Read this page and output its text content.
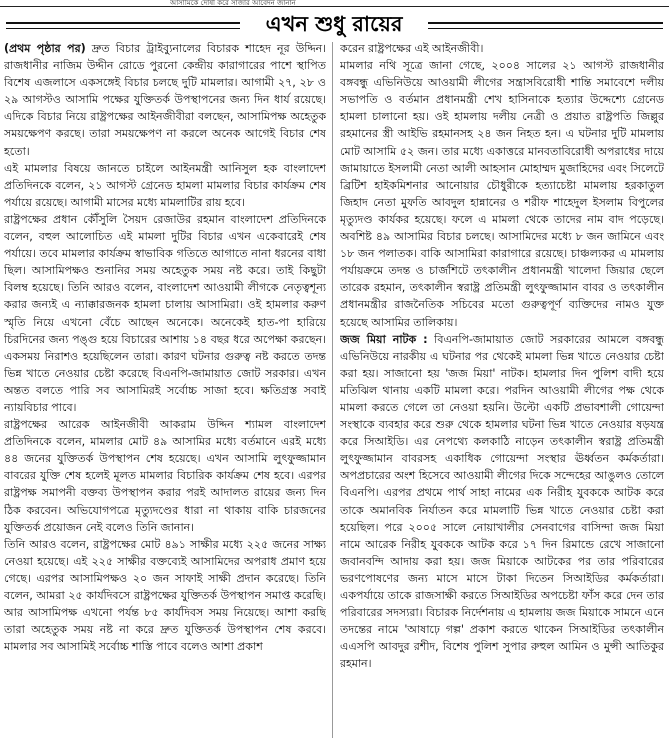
আসামিকে দোষী করে সাজার আবেদন জানান
এখন শুধু রায়ের

(প্রথম পৃষ্ঠার পর) দ্রুত বিচার ট্রাইব্যুনালের বিচারক শাহেদ নূর উদ্দিন। রাজধানীর নাজিম উদ্দীন রোডে পুরনো কেন্দ্রীয় কারাগারের পাশে স্থাপিত বিশেষ এজলাসে একসঙ্গেই বিচার চলছে দুটি মামলার। আগামী ২৭, ২৮ ও ২৯ আগস্টও আসামি পক্ষের যুক্তিতর্ক উপস্থাপনের জন্য দিন ধার্য রয়েছে। এদিকে বিচার নিয়ে রাষ্ট্রপক্ষের আইনজীবীরা বলছেন, আসামিপক্ষ অহেতুক সময়ক্ষেপণ করছে। তারা সময়ক্ষেপণ না করলে অনেক আগেই বিচার শেষ হতো।

এই মামলার বিষয়ে জানতে চাইলে আইনমন্ত্রী আনিসুল হক বাংলাদেশ প্রতিদিনকে বলেন, ২১ আগস্ট গ্রেনেড হামলা মামলার বিচার কার্যক্রম শেষ পর্যায়ে রয়েছে। আগামী মাসের মধ্যে মামলাটির রায় হবে।

রাষ্ট্রপক্ষের প্রধান কৌঁসুলি সৈয়দ রেজাউর রহমান বাংলাদেশ প্রতিদিনকে বলেন, বহুল আলোচিত এই মামলা দুটির বিচার এখন একেবারেই শেষ পর্যায়ে। তবে মামলার কার্যক্রম স্বাভাবিক গতিতে আগাতে নানা ধরনের বাধা ছিল। আসামিপক্ষও শুনানির সময় অহেতুক সময় নষ্ট করে। তাই কিছুটা বিলম্ব হয়েছে। তিনি আরও বলেন, বাংলাদেশ আওয়ামী লীগকে নেতৃত্বশূন্য করার জন্যই এ ন্যাক্কারজনক হামলা চালায় আসামিরা। ওই হামলার করুণ স্মৃতি নিয়ে এখনো বেঁচে আছেন অনেকে। অনেকেই হাত-পা হারিয়ে চিরদিনের জন্য পঙ্গু হয়ে বিচারের আশায় ১৪ বছর ধরে অপেক্ষা করছেন। একসময় নিরাশও হয়েছিলেন তারা। কারণ ঘটনার গুরুত্ব নষ্ট করতে তদন্ত ভিন্ন খাতে নেওয়ার চেষ্টা করেছে বিএনপি-জামায়াত জোট সরকার। এখন অন্তত বলতে পারি সব আসামিরই সর্বোচ্চ সাজা হবে। ক্ষতিগ্রস্ত সবাই ন্যায়বিচার পাবে।

রাষ্ট্রপক্ষের আরেক আইনজীবী আকরাম উদ্দিন শ্যামল বাংলাদেশ প্রতিদিনকে বলেন, মামলার মোট ৪৯ আসামির মধ্যে বর্তমানে এরই মধ্যে ৪৪ জনের যুক্তিতর্ক উপস্থাপন শেষ হয়েছে। এখন আসামি লুৎফুজ্জামান বাবরের যুক্তি শেষ হলেই মূলত মামলার বিচারিক কার্যক্রম শেষ হবে। এরপর রাষ্ট্রপক্ষ সমাপনী বক্তব্য উপস্থাপন করার পরই আদালত রায়ের জন্য দিন ঠিক করবেন। অভিযোগপত্রে মৃত্যুদণ্ডের ধারা না থাকায় বাকি চারজনের যুক্তিতর্ক প্রয়োজন নেই বলেও তিনি জানান।

তিনি আরও বলেন, রাষ্ট্রপক্ষের মোট ৪৯১ সাক্ষীর মধ্যে ২২৫ জনের সাক্ষ্য নেওয়া হয়েছে। এই ২২৫ সাক্ষীর বক্তব্যেই আসামিদের অপরাধ প্রমাণ হয়ে গেছে। এরপর আসামিপক্ষও ২০ জন সাফাই সাক্ষী প্রদান করেছে। তিনি বলেন, আমরা ২৫ কার্যদিবসে রাষ্ট্রপক্ষের যুক্তিতর্ক উপস্থাপন সমাপ্ত করেছি। আর আসামিপক্ষ এখনো পর্যন্ত ৮৫ কার্যদিবস সময় নিয়েছে। আশা করছি তারা অহেতুক সময় নষ্ট না করে দ্রুত যুক্তিতর্ক উপস্থাপন শেষ করবে। মামলার সব আসামিই সর্বোচ্চ শাস্তি পাবে বলেও আশা প্রকাশ

করেন রাষ্ট্রপক্ষের এই আইনজীবী।

মামলার নথি সূত্রে জানা গেছে, ২০০৪ সালের ২১ আগস্ট রাজধানীর বঙ্গবন্ধু এভিনিউয়ে আওয়ামী লীগের সন্ত্রাসবিরোধী শান্তি সমাবেশে দলীয় সভাপতি ও বর্তমান প্রধানমন্ত্রী শেখ হাসিনাকে হত্যার উদ্দেশ্যে গ্রেনেড হামলা চালানো হয়। ওই হামলায় দলীয় নেত্রী ও প্রয়াত রাষ্ট্রপতি জিল্লুর রহমানের স্ত্রী আইভি রহমানসহ ২৪ জন নিহত হন। এ ঘটনার দুটি মামলায় মোট আসামি ৫২ জন। তার মধ্যে একাত্তরে মানবতাবিরোধী অপরাধের দায়ে জামায়াতে ইসলামী নেতা আলী আহসান মোহাম্মদ মুজাহিদের এবং সিলেটে ব্রিটিশ হাইকমিশনার আনোয়ার চৌধুরীকে হত্যাচেষ্টা মামলায় হরকাতুল জিহাদ নেতা মুফতি আবদুল হান্নানের ও শরীফ শাহেদুল ইসলাম বিপুলের মৃত্যুদণ্ড কার্যকর হয়েছে। ফলে এ মামলা থেকে তাদের নাম বাদ পড়েছে। অবশিষ্ট ৪৯ আসামির বিচার চলছে। আসামিদের মধ্যে ৮ জন জামিনে এবং ১৮ জন পলাতক। বাকি আসামিরা কারাগারে রয়েছে। চাঞ্চল্যকর এ মামলায় পর্যায়ক্রমে তদন্ত ও চার্জশিটে তৎকালীন প্রধানমন্ত্রী খালেদা জিয়ার ছেলে তারেক রহমান, তৎকালীন স্বরাষ্ট্র প্রতিমন্ত্রী লুৎফুজ্জামান বাবর ও তৎকালীন প্রধানমন্ত্রীর রাজনৈতিক সচিবের মতো গুরুত্বপূর্ণ ব্যক্তিদের নামও যুক্ত হয়েছে আসামির তালিকায়।

জজ মিয়া নাটক : বিএনপি-জামায়াত জোট সরকারের আমলে বঙ্গবন্ধু এভিনিউয়ে নারকীয় এ ঘটনার পর থেকেই মামলা ভিন্ন খাতে নেওয়ার চেষ্টা করা হয়। সাজানো হয় 'জজ মিয়া' নাটক। হামলার দিন পুলিশ বাদী হয়ে মতিঝিল থানায় একটি মামলা করে। পরদিন আওয়ামী লীগের পক্ষ থেকে মামলা করতে গেলে তা নেওয়া হয়নি। উল্টো একটি প্রভাবশালী গোয়েন্দা সংস্থাকে ব্যবহার করে শুরু থেকে হামলার ঘটনা ভিন্ন খাতে নেওয়ার ষড়যন্ত্র করে সিআইডি। এর নেপথ্যে কলকাঠি নাড়েন তৎকালীন স্বরাষ্ট্র প্রতিমন্ত্রী লুৎফুজ্জামান বাবরসহ একাধিক গোয়েন্দা সংস্থার ঊর্ধ্বতন কর্মকর্তারা। অপপ্রচারের অংশ হিসেবে আওয়ামী লীগের দিকে সন্দেহের আঙুলও তোলে বিএনপি। এরপর প্রথমে পার্থ সাহা নামের এক নিরীহ যুবককে আটক করে তাকে অমানবিক নির্যাতন করে মামলাটি ভিন্ন খাতে নেওয়ার চেষ্টা করা হয়েছিল। পরে ২০০৫ সালে নোয়াখালীর সেনবাগের বাসিন্দা জজ মিয়া নামে আরেক নিরীহ যুবককে আটক করে ১৭ দিন রিমান্ডে রেখে সাজানো জবানবন্দি আদায় করা হয়। জজ মিয়াকে আটকের পর তার পরিবারের ভরণপোষণের জন্য মাসে মাসে টাকা দিতেন সিআইডির কর্মকর্তারা। একপর্যায়ে তাকে রাজসাক্ষী করতে সিআইডির অপচেষ্টা ফাঁস করে দেন তার পরিবারের সদস্যরা। বিচারক নির্দেশনায় এ হামলায় জজ মিয়াকে সামনে এনে তদন্তের নামে 'আষাঢ়ে গল্প' প্রকাশ করতে থাকেন সিআইডির তৎকালীন এএসপি আবদুর রশীদ, বিশেষ পুলিশ সুপার রুহুল আমিন ও মুন্সী আতিকুর রহমান।
